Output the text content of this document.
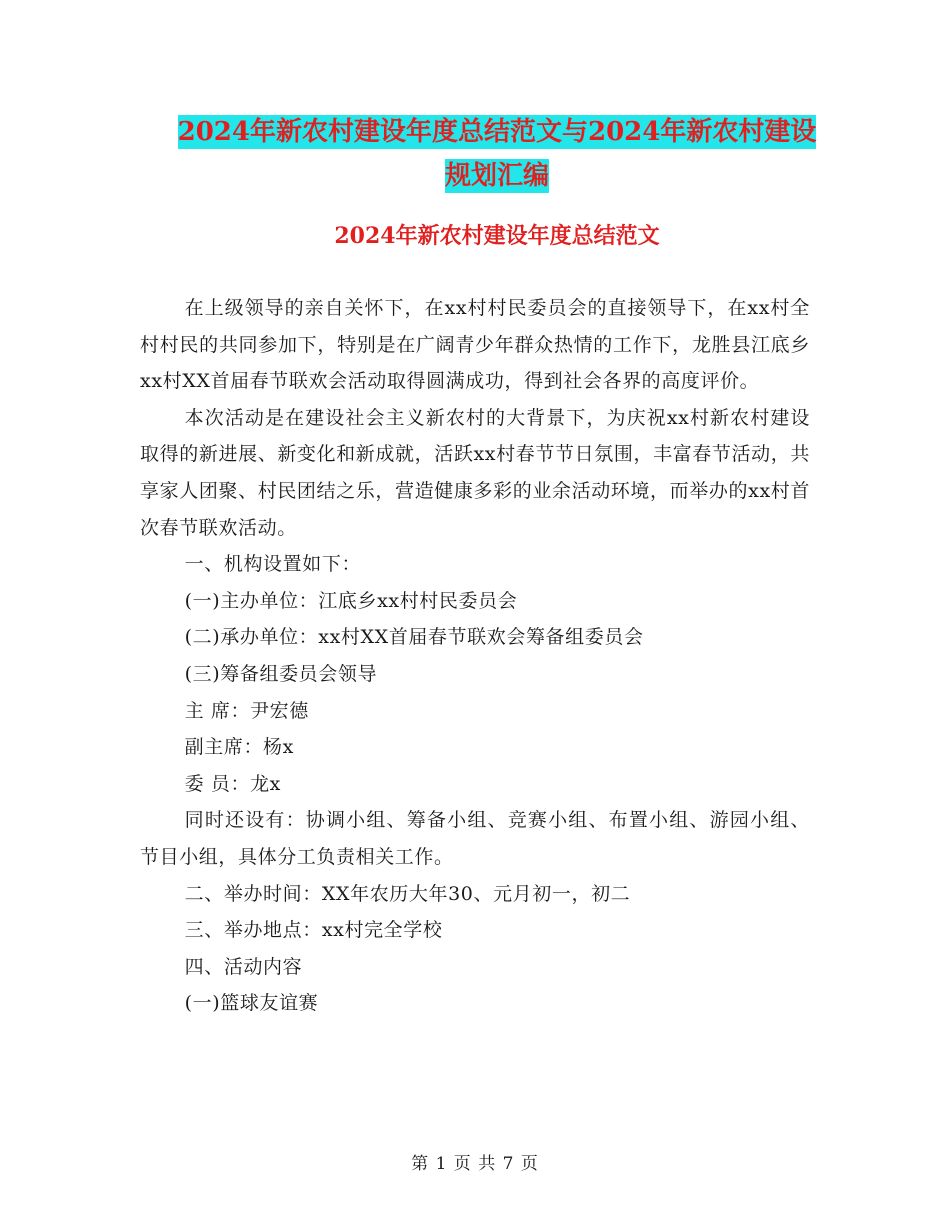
2024年新农村建设年度总结范文与2024年新农村建设
规划汇编
2024年新农村建设年度总结范文

在上级领导的亲自关怀下，在xx村村民委员会的直接领导下，在xx村全村村民的共同参加下，特别是在广阔青少年群众热情的工作下，龙胜县江底乡xx村XX首届春节联欢会活动取得圆满成功，得到社会各界的高度评价。

本次活动是在建设社会主义新农村的大背景下，为庆祝xx村新农村建设取得的新进展、新变化和新成就，活跃xx村春节节日氛围，丰富春节活动，共享家人团聚、村民团结之乐，营造健康多彩的业余活动环境，而举办的xx村首次春节联欢活动。

一、机构设置如下：

(一)主办单位：江底乡xx村村民委员会

(二)承办单位：xx村XX首届春节联欢会筹备组委员会

(三)筹备组委员会领导

主 席：尹宏德

副主席：杨x

委 员：龙x

同时还设有：协调小组、筹备小组、竞赛小组、布置小组、游园小组、节目小组，具体分工负责相关工作。

二、举办时间：XX年农历大年30、元月初一，初二

三、举办地点：xx村完全学校

四、活动内容

(一)篮球友谊赛

第 1 页 共 7 页
